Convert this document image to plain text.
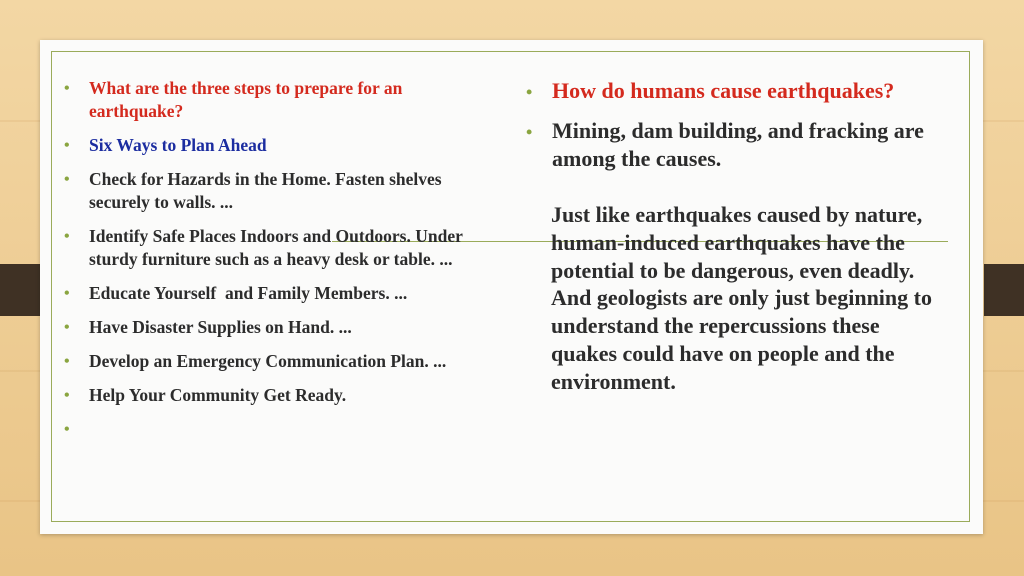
• What are the three steps to prepare for an earthquake?
• Six Ways to Plan Ahead
• Check for Hazards in the Home. Fasten shelves securely to walls. ...
• Identify Safe Places Indoors and Outdoors. Under sturdy furniture such as a heavy desk or table. ...
• Educate Yourself  and Family Members. ...
• Have Disaster Supplies on Hand. ...
• Develop an Emergency Communication Plan. ...
• Help Your Community Get Ready.
•
• How do humans cause earthquakes?
• Mining, dam building, and fracking are among the causes.

Just like earthquakes caused by nature, human-induced earthquakes have the potential to be dangerous, even deadly. And geologists are only just beginning to understand the repercussions these quakes could have on people and the environment.
